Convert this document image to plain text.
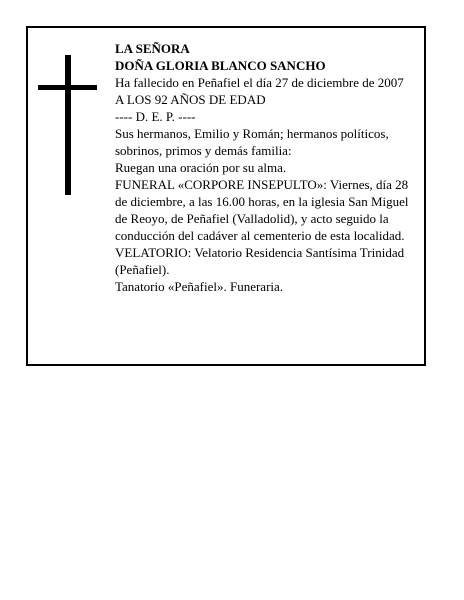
LA SEÑORA

DOÑA GLORIA BLANCO SANCHO

Ha fallecido en Peñafiel el día 27 de diciembre de 2007

A LOS 92 AÑOS DE EDAD

---- D. E. P. ----

Sus hermanos, Emilio y Román; hermanos políticos, sobrinos, primos y demás familia:

Ruegan una oración por su alma.

FUNERAL «CORPORE INSEPULTO»: Viernes, día 28 de diciembre, a las 16.00 horas, en la iglesia San Miguel de Reoyo, de Peñafiel (Valladolid), y acto seguido la conducción del cadáver al cementerio de esta localidad.

VELATORIO: Velatorio Residencia Santísima Trinidad (Peñafiel).

Tanatorio «Peñafiel». Funeraria.
